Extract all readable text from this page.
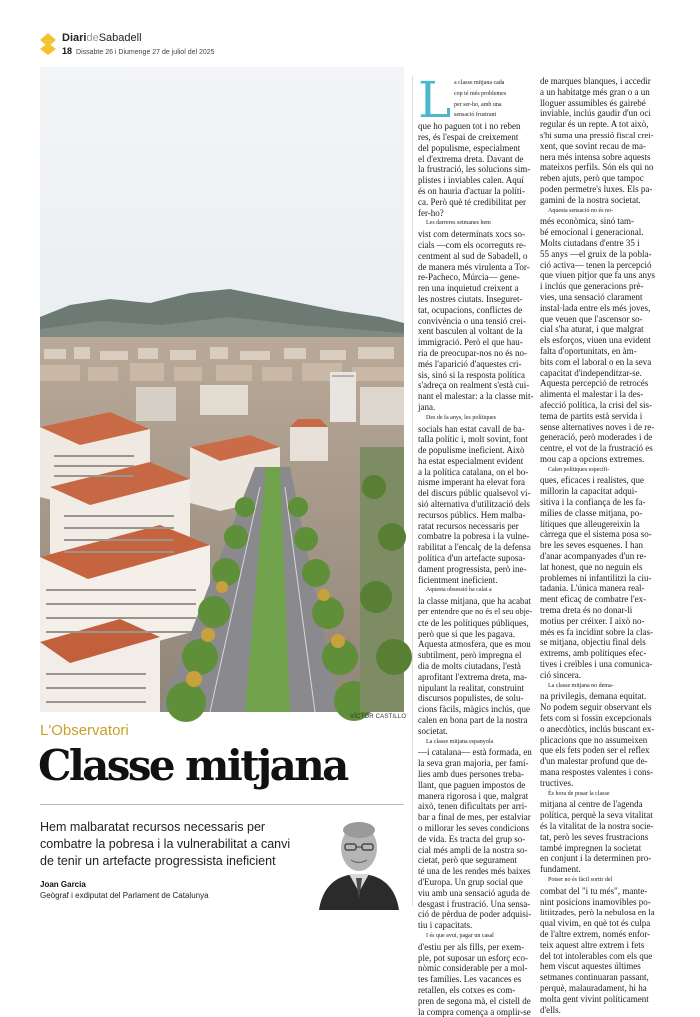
DiarideSabadell
18 Dissabte 26 i Diumenge 27 de juliol del 2025
VÍCTOR CASTILLO
L'Observatori
Classe mitjana
Hem malbaratat recursos necessaris per
combatre la pobresa i la vulnerabilitat a canvi
de tenir un artefacte progressista ineficient
Joan Garcia
Geògraf i exdiputat del Parlament de Catalunya
L a classe mitjana cada
cop té més problemes
per ser-ho, amb una
sensació frustrant
que ho paguen tot i no reben
res, és l'espai de creixement
del populisme, especialment
el d'extrema dreta. Davant de
la frustració, les solucions sim-
plistes i inviables calen. Aquí
és on hauria d'actuar la políti-
ca. Però què té credibilitat per
fer-ho?
Les darreres setmanes hem
vist com determinats xocs so-
cials —com els ocorreguts re-
centment al sud de Sabadell, o
de manera més virulenta a Tor-
re-Pacheco, Múrcia— gene-
ren una inquietud creixent a
les nostres ciutats. Inseguret-
tat, ocupacions, conflictes de
convivència o una tensió crei-
xent basculen al voltant de la
immigració. Però el que hau-
ria de preocupar-nos no és no-
més l'aparició d'aquestes cri-
sis, sinó si la resposta política
s'adreça on realment s'està cui-
nant el malestar: a la classe mit-
jana.
Des de fa anys, les polítiques
socials han estat cavall de ba-
talla polític i, molt sovint, font
de populisme ineficient. Això
ha estat especialment evident
a la política catalana, on el bo-
nisme imperant ha elevat fora
del discurs públic qualsevol vi-
sió alternativa d'utilització dels
recursos públics. Hem malba-
ratat recursos necessaris per
combatre la pobresa i la vulne-
rabilitat a l'encalç de la defensa
política d'un artefacte suposa-
dament progressista, però ine-
ficientment ineficient.
Aquesta obsessió ha calat a
la classe mitjana, que ha acabat
per entendre que no és el seu obje-
cte de les polítiques públiques,
però que sí que les pagava.
Aquesta atmosfera, que es mou
subtilment, però impregna el
dia de molts ciutadans, l'està
aprofitant l'extrema dreta, ma-
nipulant la realitat, construint
discursos populistes, de solu-
cions fàcils, màgics inclús, que
calen en bona part de la nostra
societat.
La classe mitjana espanyola
—i catalana— està formada, en
la seva gran majoria, per famí-
lies amb dues persones treba-
llant, que paguen impostos de
manera rigorosa i que, malgrat
això, tenen dificultats per arri-
bar a final de mes, per estalviar
o millorar les seves condicions
de vida. Es tracta del grup so-
cial més ampli de la nostra so-
cietat, però que segurament
té una de les rendes més baixes
d'Europa. Un grup social que
viu amb una sensació aguda de
desgast i frustració. Una sensa-
ció de pèrdua de poder adquisi-
tiu i capacitats.
I és que avui, pagar un casal
d'estiu per als fills, per exem-
ple, pot suposar un esforç eco-
nòmic considerable per a mol-
tes famílies. Les vacances es
retallen, els cotxes es com-
pren de segona mà, el cistell de
la compra comença a omplir-se
de marques blanques, i accedir
a un habitatge més gran o a un
lloguer assumibles és gairebé
inviable, inclús gaudir d'un oci
regular és un repte. A tot això,
s'hi suma una pressió fiscal crei-
xent, que sovint recau de ma-
nera més intensa sobre aquests
mateixos perfils. Són els qui no
reben ajuts, però que tampoc
poden permetre's luxes. Els pa-
gamini de la nostra societat.
Aquesta sensació no és no-
més econòmica, sinó tam-
bé emocional i generacional.
Molts ciutadans d'entre 35 i
55 anys —el gruix de la pobla-
ció activa— tenen la percepció
que viuen pitjor que fa uns anys
i inclús que generacions prè-
vies, una sensació clarament
instal·lada entre els més joves,
que veuen que l'ascensor so-
cial s'ha aturat, i que malgrat
els esforços, viuen una evident
falta d'oportunitats, en àm-
bits com el laboral o en la seva
capacitat d'independitzar-se.
Aquesta percepció de retrocés
alimenta el malestar i la des-
afecció política, la crisi del sis-
tema de partits està servida i
sense alternatives noves i de re-
generació, però moderades i de
centre, el vot de la frustració es
mou cap a opcions extremes.
Calen polítiques específi-
ques, eficaces i realistes, que
millorin la capacitat adqui-
sitiva i la confiança de les fa-
mílies de classe mitjana, po-
lítiques que alleugereixin la
càrrega que el sistema posa so-
bre les seves esquenes. I han
d'anar acompanyades d'un re-
lat honest, que no neguin els
problemes ni infantilitzi la ciu-
tadania. L'única manera real-
ment eficaç de combatre l'ex-
trema dreta és no donar-li
motius per créixer. I això no-
més es fa incidint sobre la clas-
se mitjana, objectiu final dels
extrems, amb polítiques efec-
tives i creïbles i una comunica-
ció sincera.
La classe mitjana no dema-
na privilegis, demana equitat.
No podem seguir observant els
fets com si fossin excepcionals
o anecdòtics, inclús buscant ex-
plicacions que no assumeixen
que els fets poden ser el reflex
d'un malestar profund que de-
mana respostes valentes i cons-
tructives.
És hora de posar la classe
mitjana al centre de l'agenda
política, perquè la seva vitalitat
és la vitalitat de la nostra socie-
tat, però les seves frustracions
també impregnen la societat
en conjunt i la determinen pro-
fundament.
Potser no és fàcil sortir del
combat del "i tu més", mante-
nint posicions inamovibles po-
litiitzades, però la nebulosa en la
qual vivim, en què tot és culpa
de l'altre extrem, només enfor-
teix aquest altre extrem i fets
del tot intolerables com els que
hem viscut aquestes últimes
setmanes continuaran passant,
perquè, malauradament, hi ha
molta gent vivint políticament
d'ells.
